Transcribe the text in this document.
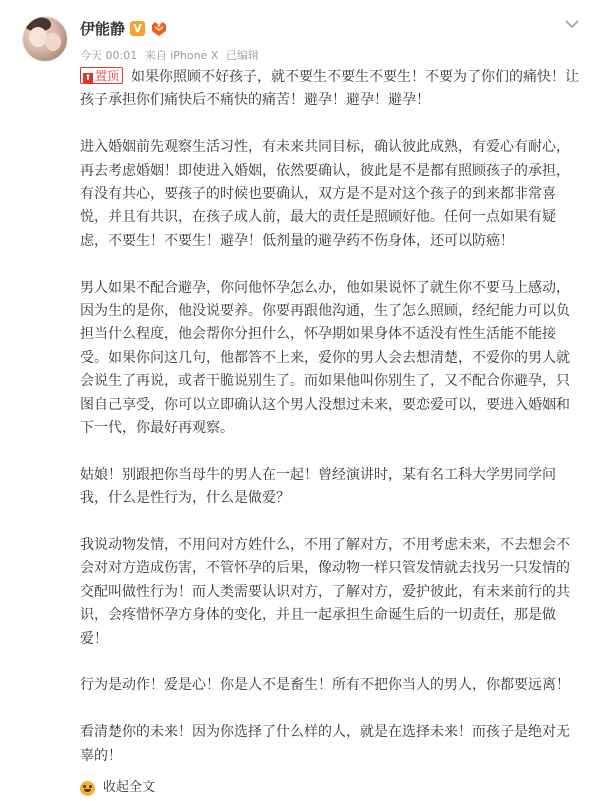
伊能静 V
今天 00:01 来自 iPhone X 已编辑

⬆ 置顶 如果你照顾不好孩子，就不要生不要生不要生！不要为了你们的痛快！让孩子承担你们痛快后不痛快的痛苦！避孕！避孕！避孕！

进入婚姻前先观察生活习性，有未来共同目标，确认彼此成熟，有爱心有耐心，再去考虑婚姻！即使进入婚姻，依然要确认，彼此是不是都有照顾孩子的承担，有没有共心，要孩子的时候也要确认，双方是不是对这个孩子的到来都非常喜悦，并且有共识，在孩子成人前，最大的责任是照顾好他。任何一点如果有疑虑，不要生！不要生！避孕！低剂量的避孕药不伤身体，还可以防癌！

男人如果不配合避孕，你问他怀孕怎么办，他如果说怀了就生你不要马上感动，因为生的是你，他没说要养。你要再跟他沟通，生了怎么照顾，经纪能力可以负担当什么程度，他会帮你分担什么，怀孕期如果身体不适没有性生活能不能接受。如果你问这几句，他都答不上来，爱你的男人会去想清楚，不爱你的男人就会说生了再说，或者干脆说别生了。而如果他叫你别生了，又不配合你避孕，只图自己享受，你可以立即确认这个男人没想过未来，要恋爱可以，要进入婚姻和下一代，你最好再观察。

姑娘！别跟把你当母牛的男人在一起！曾经演讲时，某有名工科大学男同学问我，什么是性行为，什么是做爱？

我说动物发情，不用问对方姓什么，不用了解对方，不用考虑未来，不去想会不会对对方造成伤害，不管怀孕的后果，像动物一样只管发情就去找另一只发情的交配叫做性行为！而人类需要认识对方，了解对方，爱护彼此，有未来前行的共识，会疼惜怀孕方身体的变化，并且一起承担生命诞生后的一切责任，那是做爱！

行为是动作！爱是心！你是人不是畜生！所有不把你当人的男人，你都要远离！

看清楚你的未来！因为你选择了什么样的人，就是在选择未来！而孩子是绝对无辜的！

收起全文
